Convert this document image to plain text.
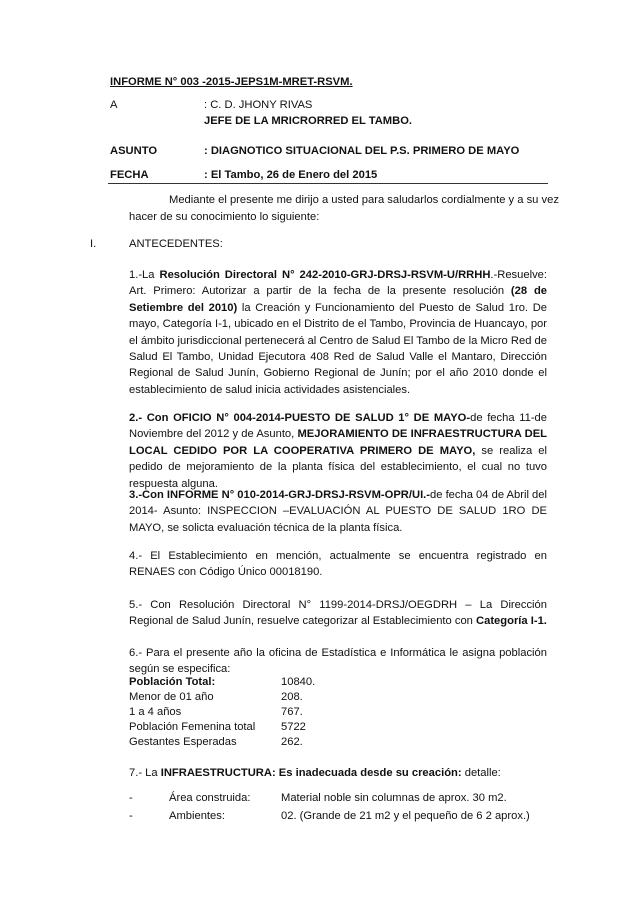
INFORME N° 003 -2015-JEPS1M-MRET-RSVM.
A	: C. D. JHONY RIVAS
JEFE DE LA MRICRORRED EL TAMBO.
ASUNTO	: DIAGNOTICO SITUACIONAL DEL P.S. PRIMERO DE MAYO
FECHA	: El Tambo, 26 de Enero del 2015
Mediante el presente me dirijo a usted para saludarlos cordialmente y a su vez
hacer de su conocimiento lo siguiente:
I.	ANTECEDENTES:
1.-La Resolución Directoral N° 242-2010-GRJ-DRSJ-RSVM-U/RRHH.-Resuelve: Art. Primero: Autorizar a partir de la fecha de la presente resolución (28 de Setiembre del 2010) la Creación y Funcionamiento del Puesto de Salud 1ro. De mayo, Categoría I-1, ubicado en el Distrito de el Tambo, Provincia de Huancayo, por el ámbito jurisdiccional pertenecerá al Centro de Salud El Tambo de la Micro Red de Salud El Tambo, Unidad Ejecutora 408 Red de Salud Valle el Mantaro, Dirección Regional de Salud Junín, Gobierno Regional de Junín; por el año 2010 donde el establecimiento de salud inicia actividades asistenciales.
2.- Con OFICIO N° 004-2014-PUESTO DE SALUD 1° DE MAYO-de fecha 11-de Noviembre del 2012 y de Asunto, MEJORAMIENTO DE INFRAESTRUCTURA DEL LOCAL CEDIDO POR LA COOPERATIVA PRIMERO DE MAYO, se realiza el pedido de mejoramiento de la planta física del establecimiento, el cual no tuvo respuesta alguna.
3.-Con INFORME N° 010-2014-GRJ-DRSJ-RSVM-OPR/UI.-de fecha 04 de Abril del 2014- Asunto: INSPECCION –EVALUACIÓN AL PUESTO DE SALUD 1RO DE MAYO, se solicta evaluación técnica de la planta física.
4.- El Establecimiento en mención, actualmente se encuentra registrado en RENAES con Código Único 00018190.
5.- Con Resolución Directoral N° 1199-2014-DRSJ/OEGDRH – La Dirección Regional de Salud Junín, resuelve categorizar al Establecimiento con Categoría I-1.
6.- Para el presente año la oficina de Estadística e Informática le asigna población según se especifica:
Población Total:	10840.
Menor de 01 año	208.
1 a 4 años	767.
Población Femenina total 5722
Gestantes Esperadas	262.
7.- La INFRAESTRUCTURA: Es inadecuada desde su creación: detalle:
-	Área construida:	Material noble sin columnas de aprox. 30 m2.
-	Ambientes:	02. (Grande de 21 m2 y el pequeño de 6 2 aprox.)
